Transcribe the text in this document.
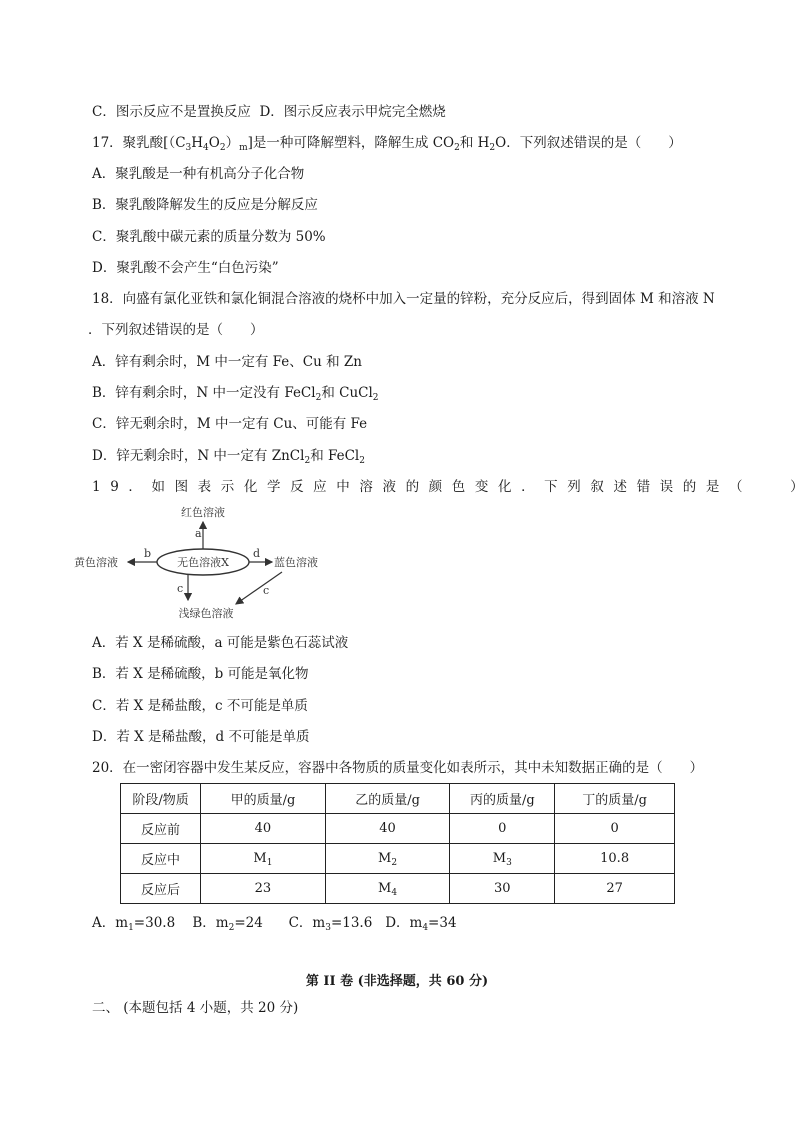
C．图示反应不是置换反应 D．图示反应表示甲烷完全燃烧
17．聚乳酸$[(C_3H_4O_2)_m]$是一种可降解塑料，降解生成 $CO_2$和 $H_2O$．下列叙述错误的是（　　）
A．聚乳酸是一种有机高分子化合物
B．聚乳酸降解发生的反应是分解反应
C．聚乳酸中碳元素的质量分数为 50%
D．聚乳酸不会产生“白色污染”
18．向盛有氯化亚铁和氯化铜混合溶液的烧杯中加入一定量的锌粉，充分反应后，得到固体 M 和溶液 N
．下列叙述错误的是（　　）
A．锌有剩余时，M 中一定有 Fe、Cu 和 Zn
B．锌有剩余时，N 中一定没有 FeCl$_2$和 CuCl$_2$
C．锌无剩余时，M 中一定有 Cu、可能有 Fe
D．锌无剩余时，N 中一定有 ZnCl$_2$和 FeCl$_2$
19．如图表示化学反应中溶液的颜色变化．下列叙述错误的是（	）
无色溶液X
a
红色溶液
b
黄色溶液
d
蓝色溶液
c	c
浅绿色溶液
A．若 X 是稀硫酸，a 可能是紫色石蕊试液
B．若 X 是稀硫酸，b 可能是氧化物
C．若 X 是稀盐酸，c 不可能是单质
D．若 X 是稀盐酸，d 不可能是单质
20．在一密闭容器中发生某反应，容器中各物质的质量变化如表所示，其中未知数据正确的是（　　）
阶段/物质	甲的质量/g	乙的质量/g	丙的质量/g	丁的质量/g
反应前	40	40	0	0
反应中	$M_1$	$M_2$	$M_3$	10.8
反应后	23	$M_4$	30	27
A．$m_1=30.8$ B．$m_2=24$ C．$m_3=13.6$ D．$m_4=34$
第 II 卷 (非选择题，共 60 分)
二、 (本题包括 4 小题，共 20 分)
